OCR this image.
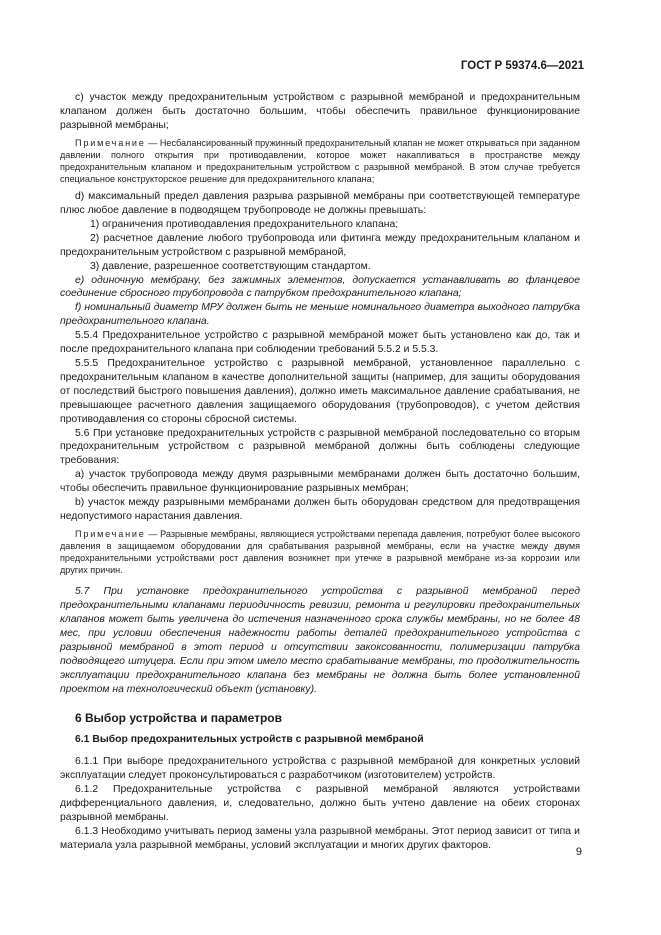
ГОСТ Р 59374.6—2021

c) участок между предохранительным устройством с разрывной мембраной и предохранительным клапаном должен быть достаточно большим, чтобы обеспечить правильное функционирование разрывной мембраны;

Примечание — Несбалансированный пружинный предохранительный клапан не может открываться при заданном давлении полного открытия при противодавлении, которое может накапливаться в пространстве между предохранительным клапаном и предохранительным устройством с разрывной мембраной. В этом случае требуется специальное конструкторское решение для предохранительного клапана;

d) максимальный предел давления разрыва разрывной мембраны при соответствующей температуре плюс любое давление в подводящем трубопроводе не должны превышать:

1) ограничения противодавления предохранительного клапана;

2) расчетное давление любого трубопровода или фитинга между предохранительным клапаном и предохранительным устройством с разрывной мембраной,

3) давление, разрешенное соответствующим стандартом.

e) одиночную мембрану, без зажимных элементов, допускается устанавливать во фланцевое соединение сбросного трубопровода с патрубком предохранительного клапана;

f) номинальный диаметр МРУ должен быть не меньше номинального диаметра выходного патрубка предохранительного клапана.

5.5.4 Предохранительное устройство с разрывной мембраной может быть установлено как до, так и после предохранительного клапана при соблюдении требований 5.5.2 и 5.5.3.

5.5.5 Предохранительное устройство с разрывной мембраной, установленное параллельно с предохранительным клапаном в качестве дополнительной защиты (например, для защиты оборудования от последствий быстрого повышения давления), должно иметь максимальное давление срабатывания, не превышающее расчетного давления защищаемого оборудования (трубопроводов), с учетом действия противодавления со стороны сбросной системы.

5.6 При установке предохранительных устройств с разрывной мембраной последовательно со вторым предохранительным устройством с разрывной мембраной должны быть соблюдены следующие требования:

a) участок трубопровода между двумя разрывными мембранами должен быть достаточно большим, чтобы обеспечить правильное функционирование разрывных мембран;

b) участок между разрывными мембранами должен быть оборудован средством для предотвращения недопустимого нарастания давления.

Примечание — Разрывные мембраны, являющиеся устройствами перепада давления, потребуют более высокого давления в защищаемом оборудовании для срабатывания разрывной мембраны, если на участке между двумя предохранительными устройствами рост давления возникнет при утечке в разрывной мембране из-за коррозии или других причин.

5.7 При установке предохранительного устройства с разрывной мембраной перед предохранительными клапанами периодичность ревизии, ремонта и регулировки предохранительных клапанов может быть увеличена до истечения назначенного срока службы мембраны, но не более 48 мес, при условии обеспечения надежности работы деталей предохранительного устройства с разрывной мембраной в этот период и отсутствии закоксованности, полимеризации патрубка подводящего штуцера. Если при этом имело место срабатывание мембраны, то продолжительность эксплуатации предохранительного клапана без мембраны не должна быть более установленной проектом на технологический объект (установку).

6 Выбор устройства и параметров
6.1 Выбор предохранительных устройств с разрывной мембраной

6.1.1 При выборе предохранительного устройства с разрывной мембраной для конкретных условий эксплуатации следует проконсультироваться с разработчиком (изготовителем) устройств.

6.1.2 Предохранительные устройства с разрывной мембраной являются устройствами дифференциального давления, и, следовательно, должно быть учтено давление на обеих сторонах разрывной мембраны.

6.1.3 Необходимо учитывать период замены узла разрывной мембраны. Этот период зависит от типа и материала узла разрывной мембраны, условий эксплуатации и многих других факторов.

9
